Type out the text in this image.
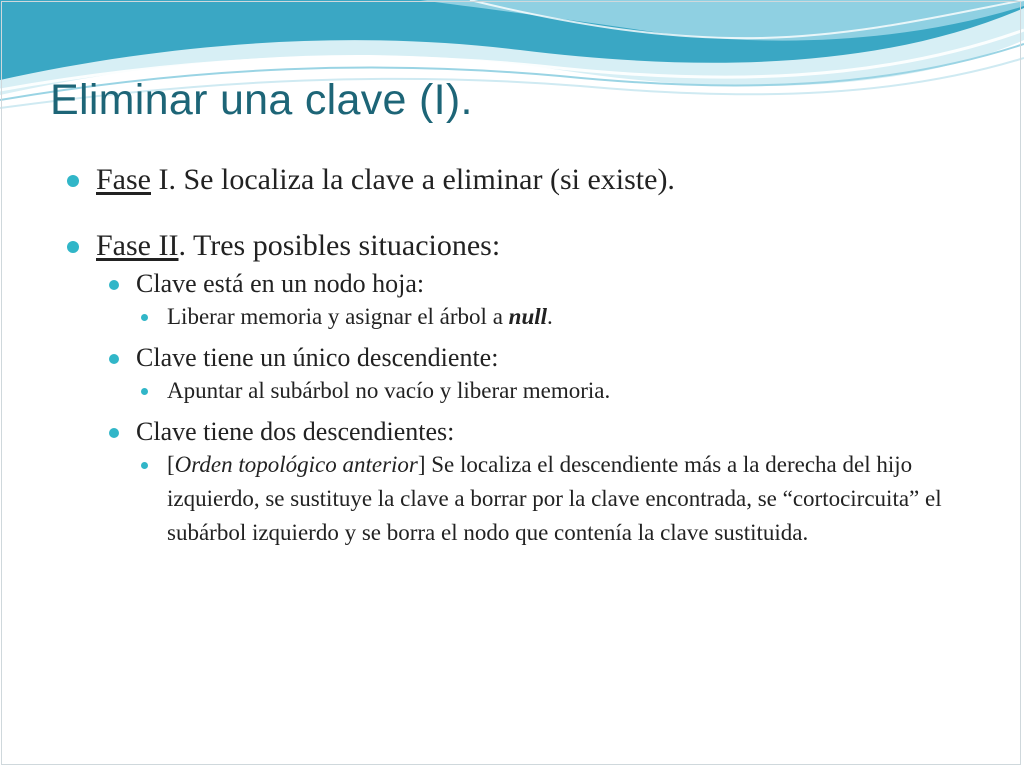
Eliminar una clave (I).
Fase I. Se localiza la clave a eliminar (si existe).
Fase II. Tres posibles situaciones:
Clave está en un nodo hoja:
Liberar memoria y asignar el árbol a null.
Clave tiene un único descendiente:
Apuntar al subárbol no vacío y liberar memoria.
Clave tiene dos descendientes:
[Orden topológico anterior] Se localiza el descendiente más a la derecha del hijo izquierdo, se sustituye la clave a borrar por la clave encontrada, se “cortocircuita” el subárbol izquierdo y se borra el nodo que contenía la clave sustituida.
